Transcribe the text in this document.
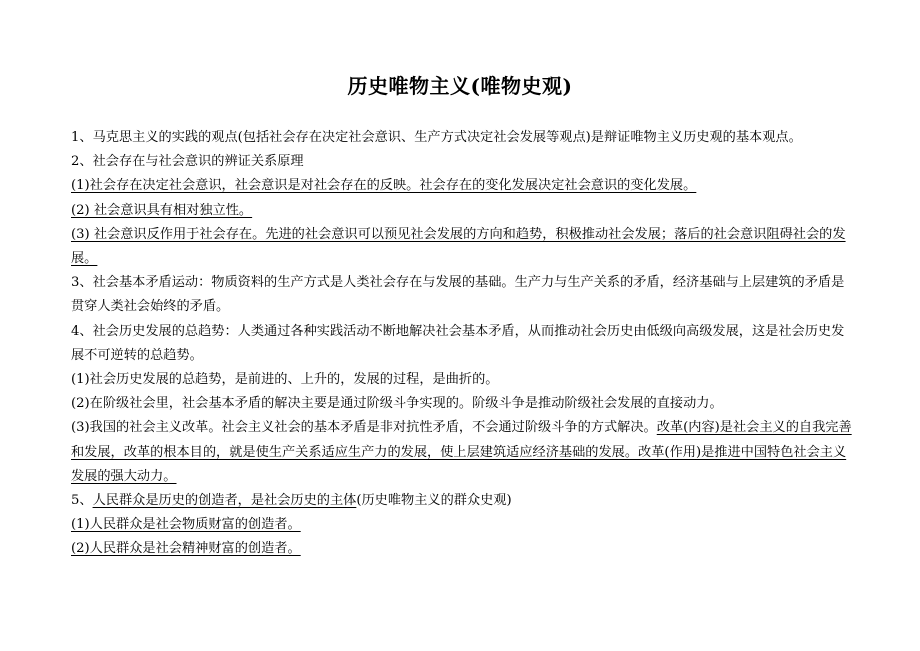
历史唯物主义(唯物史观)
1、马克思主义的实践的观点(包括社会存在决定社会意识、生产方式决定社会发展等观点)是辩证唯物主义历史观的基本观点。
2、社会存在与社会意识的辨证关系原理
(1)社会存在决定社会意识，社会意识是对社会存在的反映。社会存在的变化发展决定社会意识的变化发展。
(2) 社会意识具有相对独立性。
(3) 社会意识反作用于社会存在。先进的社会意识可以预见社会发展的方向和趋势，积极推动社会发展；落后的社会意识阻碍社会的发展。
3、社会基本矛盾运动：物质资料的生产方式是人类社会存在与发展的基础。生产力与生产关系的矛盾，经济基础与上层建筑的矛盾是贯穿人类社会始终的矛盾。
4、社会历史发展的总趋势：人类通过各种实践活动不断地解决社会基本矛盾，从而推动社会历史由低级向高级发展，这是社会历史发展不可逆转的总趋势。
(1)社会历史发展的总趋势，是前进的、上升的，发展的过程，是曲折的。
(2)在阶级社会里，社会基本矛盾的解决主要是通过阶级斗争实现的。阶级斗争是推动阶级社会发展的直接动力。
(3)我国的社会主义改革。社会主义社会的基本矛盾是非对抗性矛盾，不会通过阶级斗争的方式解决。改革(内容)是社会主义的自我完善和发展，改革的根本目的，就是使生产关系适应生产力的发展，使上层建筑适应经济基础的发展。改革(作用)是推进中国特色社会主义发展的强大动力。
5、人民群众是历史的创造者，是社会历史的主体(历史唯物主义的群众史观)
(1)人民群众是社会物质财富的创造者。
(2)人民群众是社会精神财富的创造者。
